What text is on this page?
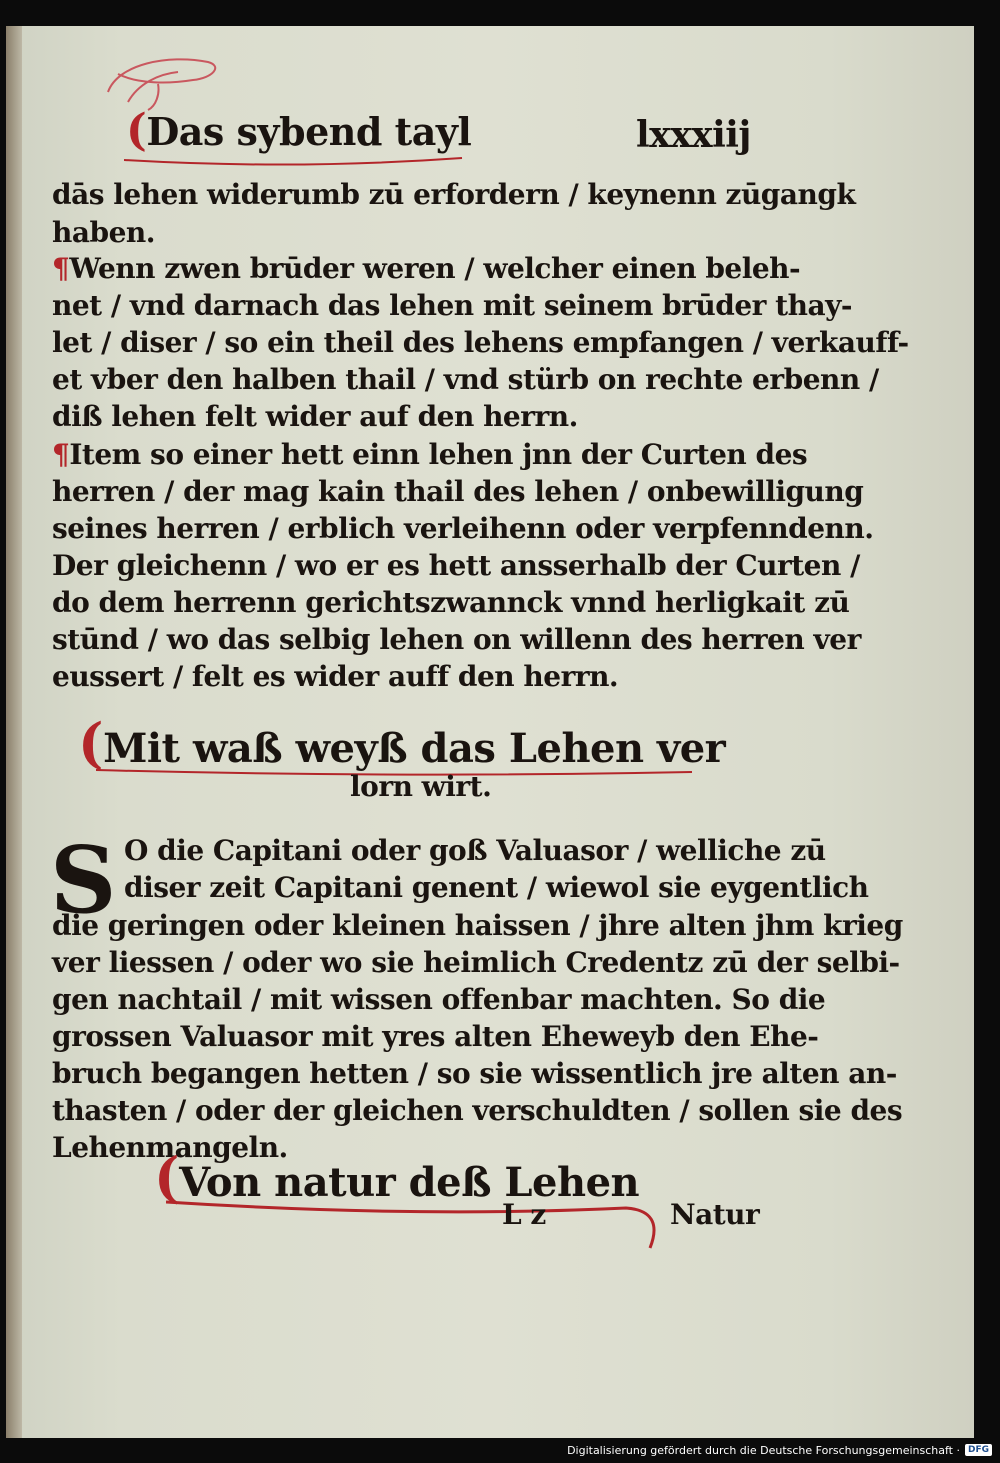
(Das sybend tayl	lxxxiij
dās lehen widerumb zū erfordern / keynenn zūgangk
haben.
¶Wenn zwen brūder weren / welcher einen beleh-
net / vnd darnach das lehen mit seinem brūder thay-
let / diser / so ein theil des lehens empfangen / verkauff-
et vber den halben thail / vnd stürb on rechte erbenn /
diß lehen felt wider auf den herrn.
¶Item so einer hett einn lehen jnn der Curten des
herren / der mag kain thail des lehen / onbewilligung
seines herren / erblich verleihenn oder verpfenndenn.
Der gleichenn / wo er es hett ansserhalb der Curten /
do dem herrenn gerichtszwannck vnnd herligkait zū
stūnd / wo das selbig lehen on willenn des herren ver
eussert / felt es wider auff den herrn.
(Mit waß weyß das Lehen ver
lorn wirt.
S O die Capitani oder goß Valuasor / welliche zū
diser zeit Capitani genent / wiewol sie eygentlich
die geringen oder kleinen haissen / jhre alten jhm krieg
ver liessen / oder wo sie heimlich Credentz zū der selbi-
gen nachtail / mit wissen offenbar machten. So die
grossen Valuasor mit yres alten Eheweyb den Ehe-
bruch begangen hetten / so sie wissentlich jre alten an-
thasten / oder der gleichen verschuldten / sollen sie des
Lehenmangeln.
(Von natur deß Lehen
L z	Natur
Digitalisierung gefördert durch die Deutsche Forschungsgemeinschaft · DFG
